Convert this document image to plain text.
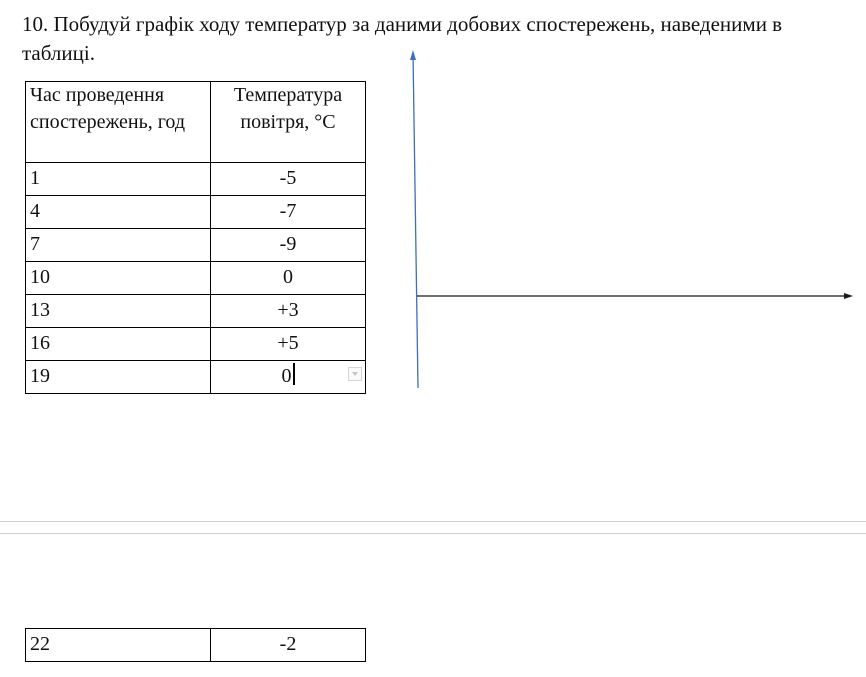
10. Побудуй графік ходу температур за даними добових спостережень, наведеними в таблиці.

Час проведення спостережень, год	Температура повітря, °С
1	-5
4	-7
7	-9
10	0
13	+3
16	+5
19	0
22	-2
